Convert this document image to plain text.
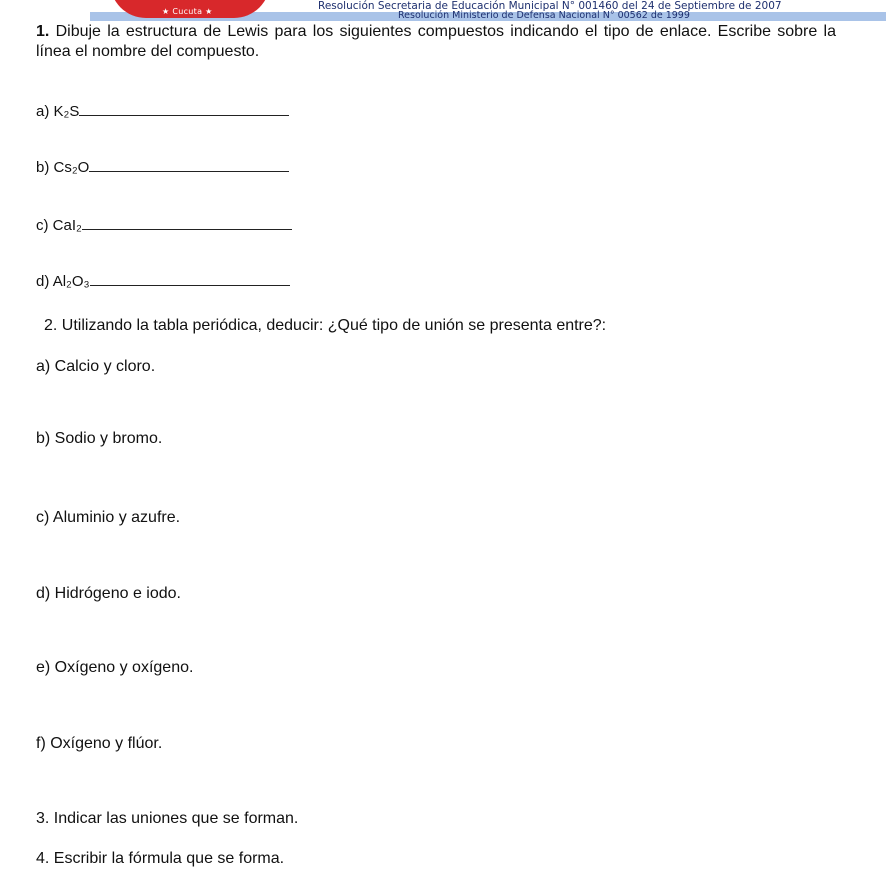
★ Cucuta ★	Resolución Secretaria de Educación Municipal N° 001460 del 24 de Septiembre de 2007
Resolución Ministerio de Defensa Nacional N° 00562 de 1999
1. Dibuje la estructura de Lewis para los siguientes compuestos indicando el tipo de enlace. Escribe sobre la línea el nombre del compuesto.
a) K₂S
b) Cs₂O
c) CaI₂
d) Al₂O₃
2. Utilizando la tabla periódica, deducir: ¿Qué tipo de unión se presenta entre?:
a) Calcio y cloro.
b) Sodio y bromo.
c) Aluminio y azufre.
d) Hidrógeno e iodo.
e) Oxígeno y oxígeno.
f) Oxígeno y flúor.
3. Indicar las uniones que se forman.
4. Escribir la fórmula que se forma.
